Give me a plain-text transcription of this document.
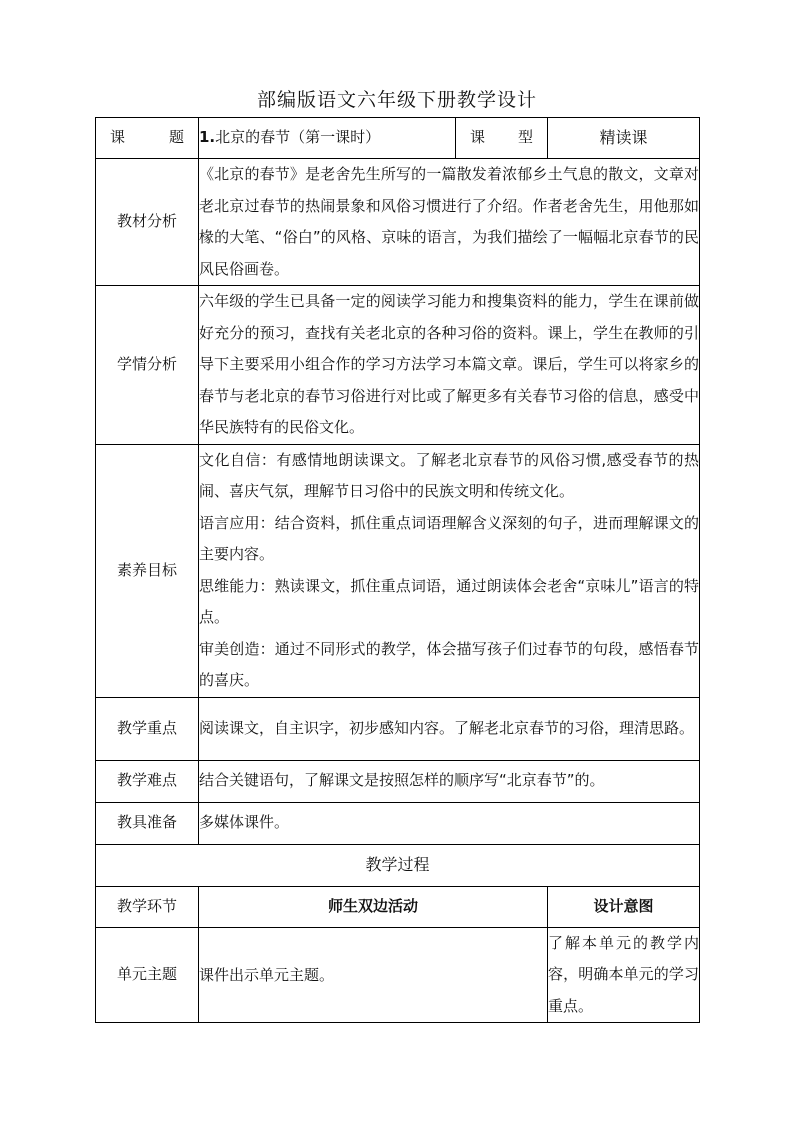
部编版语文六年级下册教学设计
课 题	1.北京的春节（第一课时）	课 型	精读课
教材分析	《北京的春节》是老舍先生所写的一篇散发着浓郁乡土气息的散文，文章对老北京过春节的热闹景象和风俗习惯进行了介绍。作者老舍先生，用他那如椽的大笔、“俗白”的风格、京味的语言，为我们描绘了一幅幅北京春节的民风民俗画卷。		
学情分析	六年级的学生已具备一定的阅读学习能力和搜集资料的能力，学生在课前做好充分的预习，查找有关老北京的各种习俗的资料。课上，学生在教师的引导下主要采用小组合作的学习方法学习本篇文章。课后，学生可以将家乡的春节与老北京的春节习俗进行对比或了解更多有关春节习俗的信息，感受中华民族特有的民俗文化。		
素养目标	文化自信：有感情地朗读课文。了解老北京春节的风俗习惯,感受春节的热闹、喜庆气氛，理解节日习俗中的民族文明和传统文化。

语言应用：结合资料，抓住重点词语理解含义深刻的句子，进而理解课文的主要内容。

思维能力：熟读课文，抓住重点词语，通过朗读体会老舍“京味儿”语言的特点。

审美创造：通过不同形式的教学，体会描写孩子们过春节的句段，感悟春节的喜庆。		

教学重点	阅读课文，自主识字，初步感知内容。了解老北京春节的习俗，理清思路。		
教学难点	结合关键语句，了解课文是按照怎样的顺序写“北京春节”的。		
教具准备	多媒体课件。		
教学过程			
教学环节	师生双边活动		设计意图
单元主题	课件出示单元主题。		了解本单元的教学内容，明确本单元的学习重点。
